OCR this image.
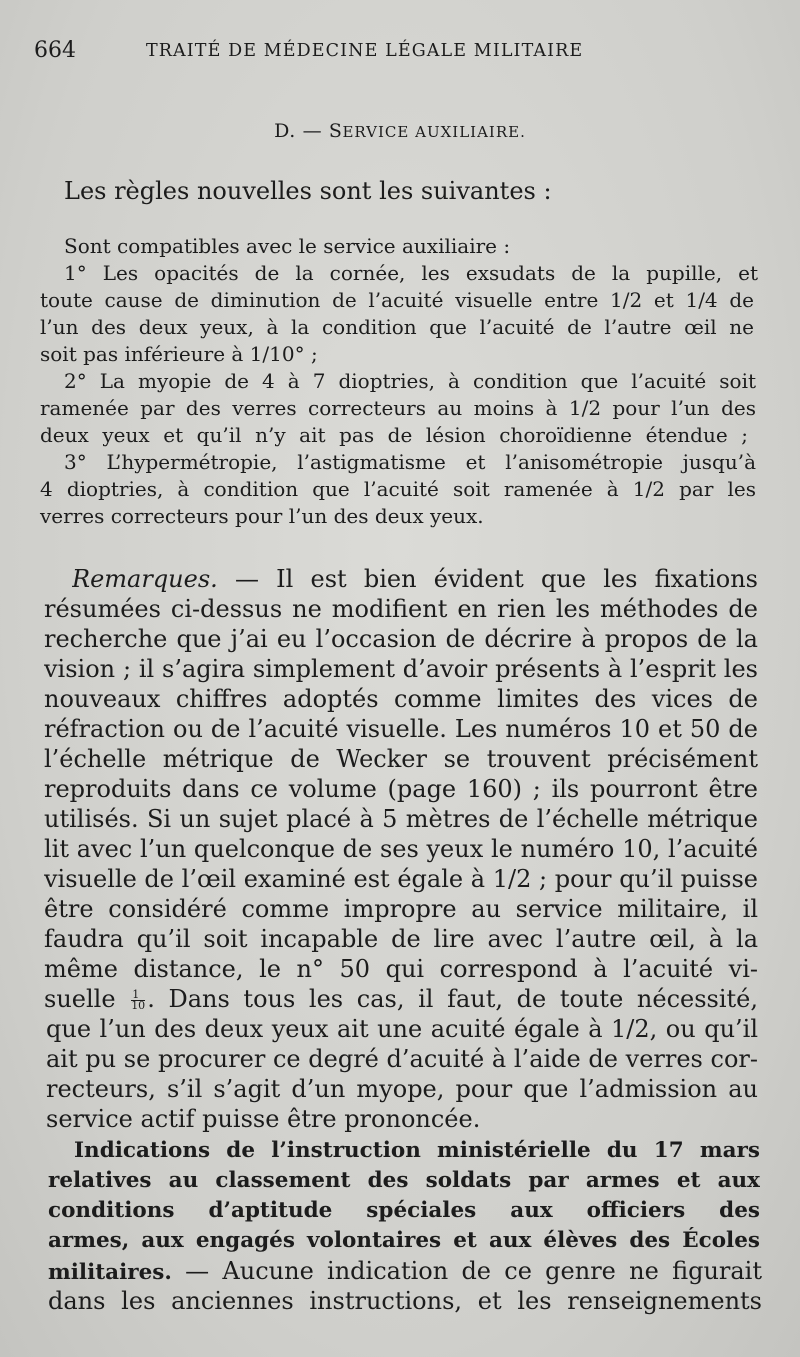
664	TRAITÉ DE MÉDECINE LÉGALE MILITAIRE
D. — SERVICE AUXILIAIRE.
Les règles nouvelles sont les suivantes :
Sont compatibles avec le service auxiliaire :
1° Les opacités de la cornée, les exsudats de la pupille, et
toute cause de diminution de l’acuité visuelle entre 1/2 et 1/4 de
l’un des deux yeux, à la condition que l’acuité de l’autre œil ne
soit pas inférieure à 1/10° ;
2° La myopie de 4 à 7 dioptries, à condition que l’acuité soit
ramenée par des verres correcteurs au moins à 1/2 pour l’un des
deux yeux et qu’il n’y ait pas de lésion choroïdienne étendue ;
3° L’hypermétropie, l’astigmatisme et l’anisométropie jusqu’à
4 dioptries, à condition que l’acuité soit ramenée à 1/2 par les
verres correcteurs pour l’un des deux yeux.
Remarques. — Il est bien évident que les fixations
résumées ci-dessus ne modifient en rien les méthodes de
recherche que j’ai eu l’occasion de décrire à propos de la
vision ; il s’agira simplement d’avoir présents à l’esprit les
nouveaux chiffres adoptés comme limites des vices de
réfraction ou de l’acuité visuelle. Les numéros 10 et 50 de
l’échelle métrique de Wecker se trouvent précisément
reproduits dans ce volume (page 160) ; ils pourront être
utilisés. Si un sujet placé à 5 mètres de l’échelle métrique
lit avec l’un quelconque de ses yeux le numéro 10, l’acuité
visuelle de l’œil examiné est égale à 1/2 ; pour qu’il puisse
être considéré comme impropre au service militaire, il
faudra qu’il soit incapable de lire avec l’autre œil, à la
même distance, le n° 50 qui correspond à l’acuité vi-
suelle $\frac{1}{10}$ . Dans tous les cas, il faut, de toute nécessité,
que l’un des deux yeux ait une acuité égale à 1/2, ou qu’il
ait pu se procurer ce degré d’acuité à l’aide de verres cor-
recteurs, s’il s’agit d’un myope, pour que l’admission au
service actif puisse être prononcée.
Indications de l’instruction ministérielle du 17 mars
relatives au classement des soldats par armes et aux
conditions d’aptitude spéciales aux officiers des
armes, aux engagés volontaires et aux élèves des Écoles
militaires. — Aucune indication de ce genre ne figurait
dans les anciennes instructions, et les renseignements
